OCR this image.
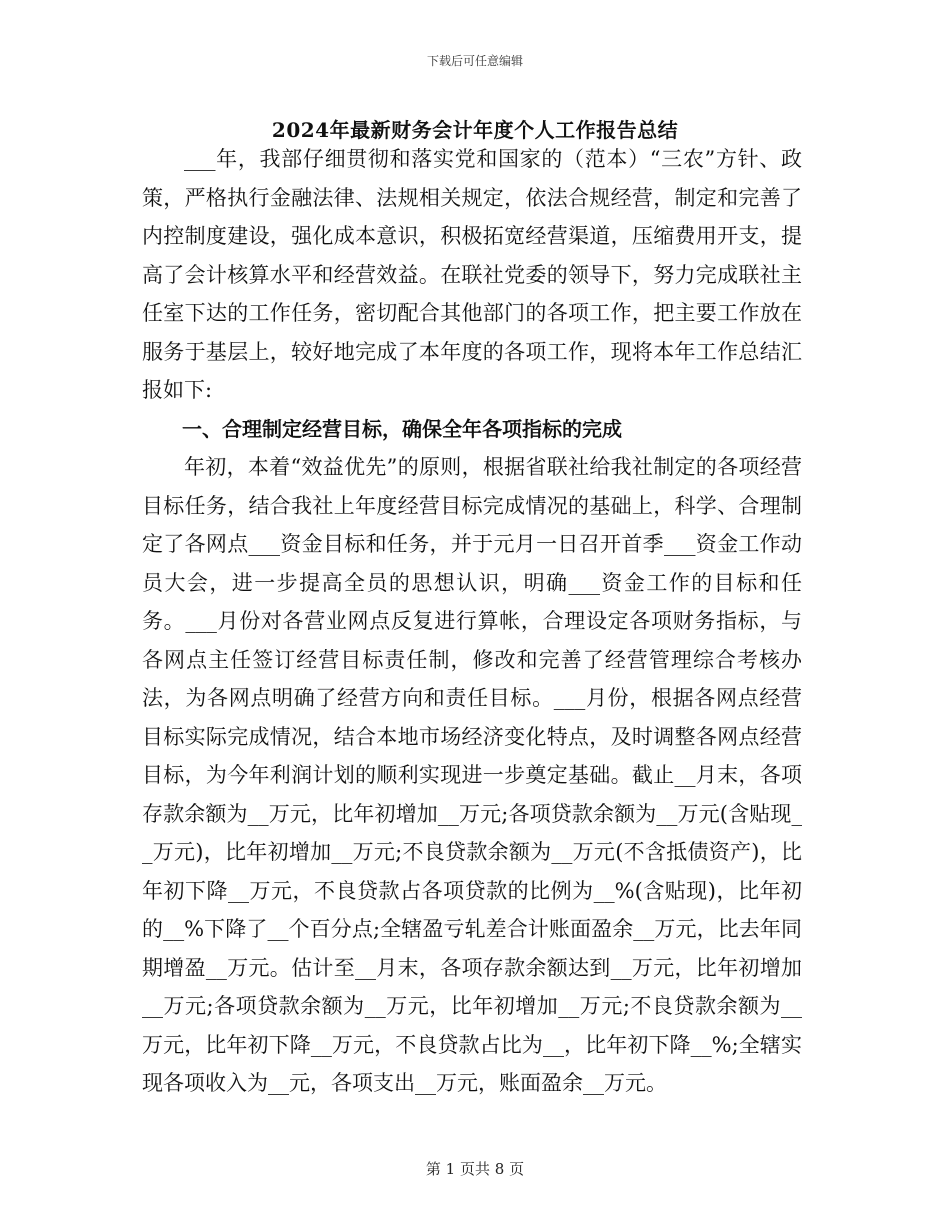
下载后可任意编辑
2024年最新财务会计年度个人工作报告总结

___年，我部仔细贯彻和落实党和国家的（范本）“三农”方针、政策，严格执行金融法律、法规相关规定，依法合规经营，制定和完善了内控制度建设，强化成本意识，积极拓宽经营渠道，压缩费用开支，提高了会计核算水平和经营效益。在联社党委的领导下，努力完成联社主任室下达的工作任务，密切配合其他部门的各项工作，把主要工作放在服务于基层上，较好地完成了本年度的各项工作，现将本年工作总结汇报如下:

一、合理制定经营目标，确保全年各项指标的完成

年初，本着“效益优先”的原则，根据省联社给我社制定的各项经营目标任务，结合我社上年度经营目标完成情况的基础上，科学、合理制定了各网点___资金目标和任务，并于元月一日召开首季___资金工作动员大会，进一步提高全员的思想认识，明确___资金工作的目标和任务。___月份对各营业网点反复进行算帐，合理设定各项财务指标，与各网点主任签订经营目标责任制，修改和完善了经营管理综合考核办法，为各网点明确了经营方向和责任目标。___月份，根据各网点经营目标实际完成情况，结合本地市场经济变化特点，及时调整各网点经营目标，为今年利润计划的顺利实现进一步奠定基础。截止__月末，各项存款余额为__万元，比年初增加__万元;各项贷款余额为__万元(含贴现__万元)，比年初增加__万元;不良贷款余额为__万元(不含抵债资产)，比年初下降__万元，不良贷款占各项贷款的比例为__%(含贴现)，比年初的__%下降了__个百分点;全辖盈亏轧差合计账面盈余__万元，比去年同期增盈__万元。估计至__月末，各项存款余额达到__万元，比年初增加__万元;各项贷款余额为__万元，比年初增加__万元;不良贷款余额为__万元，比年初下降__万元，不良贷款占比为__，比年初下降__%;全辖实现各项收入为__元，各项支出__万元，账面盈余__万元。

第 1 页共 8 页
